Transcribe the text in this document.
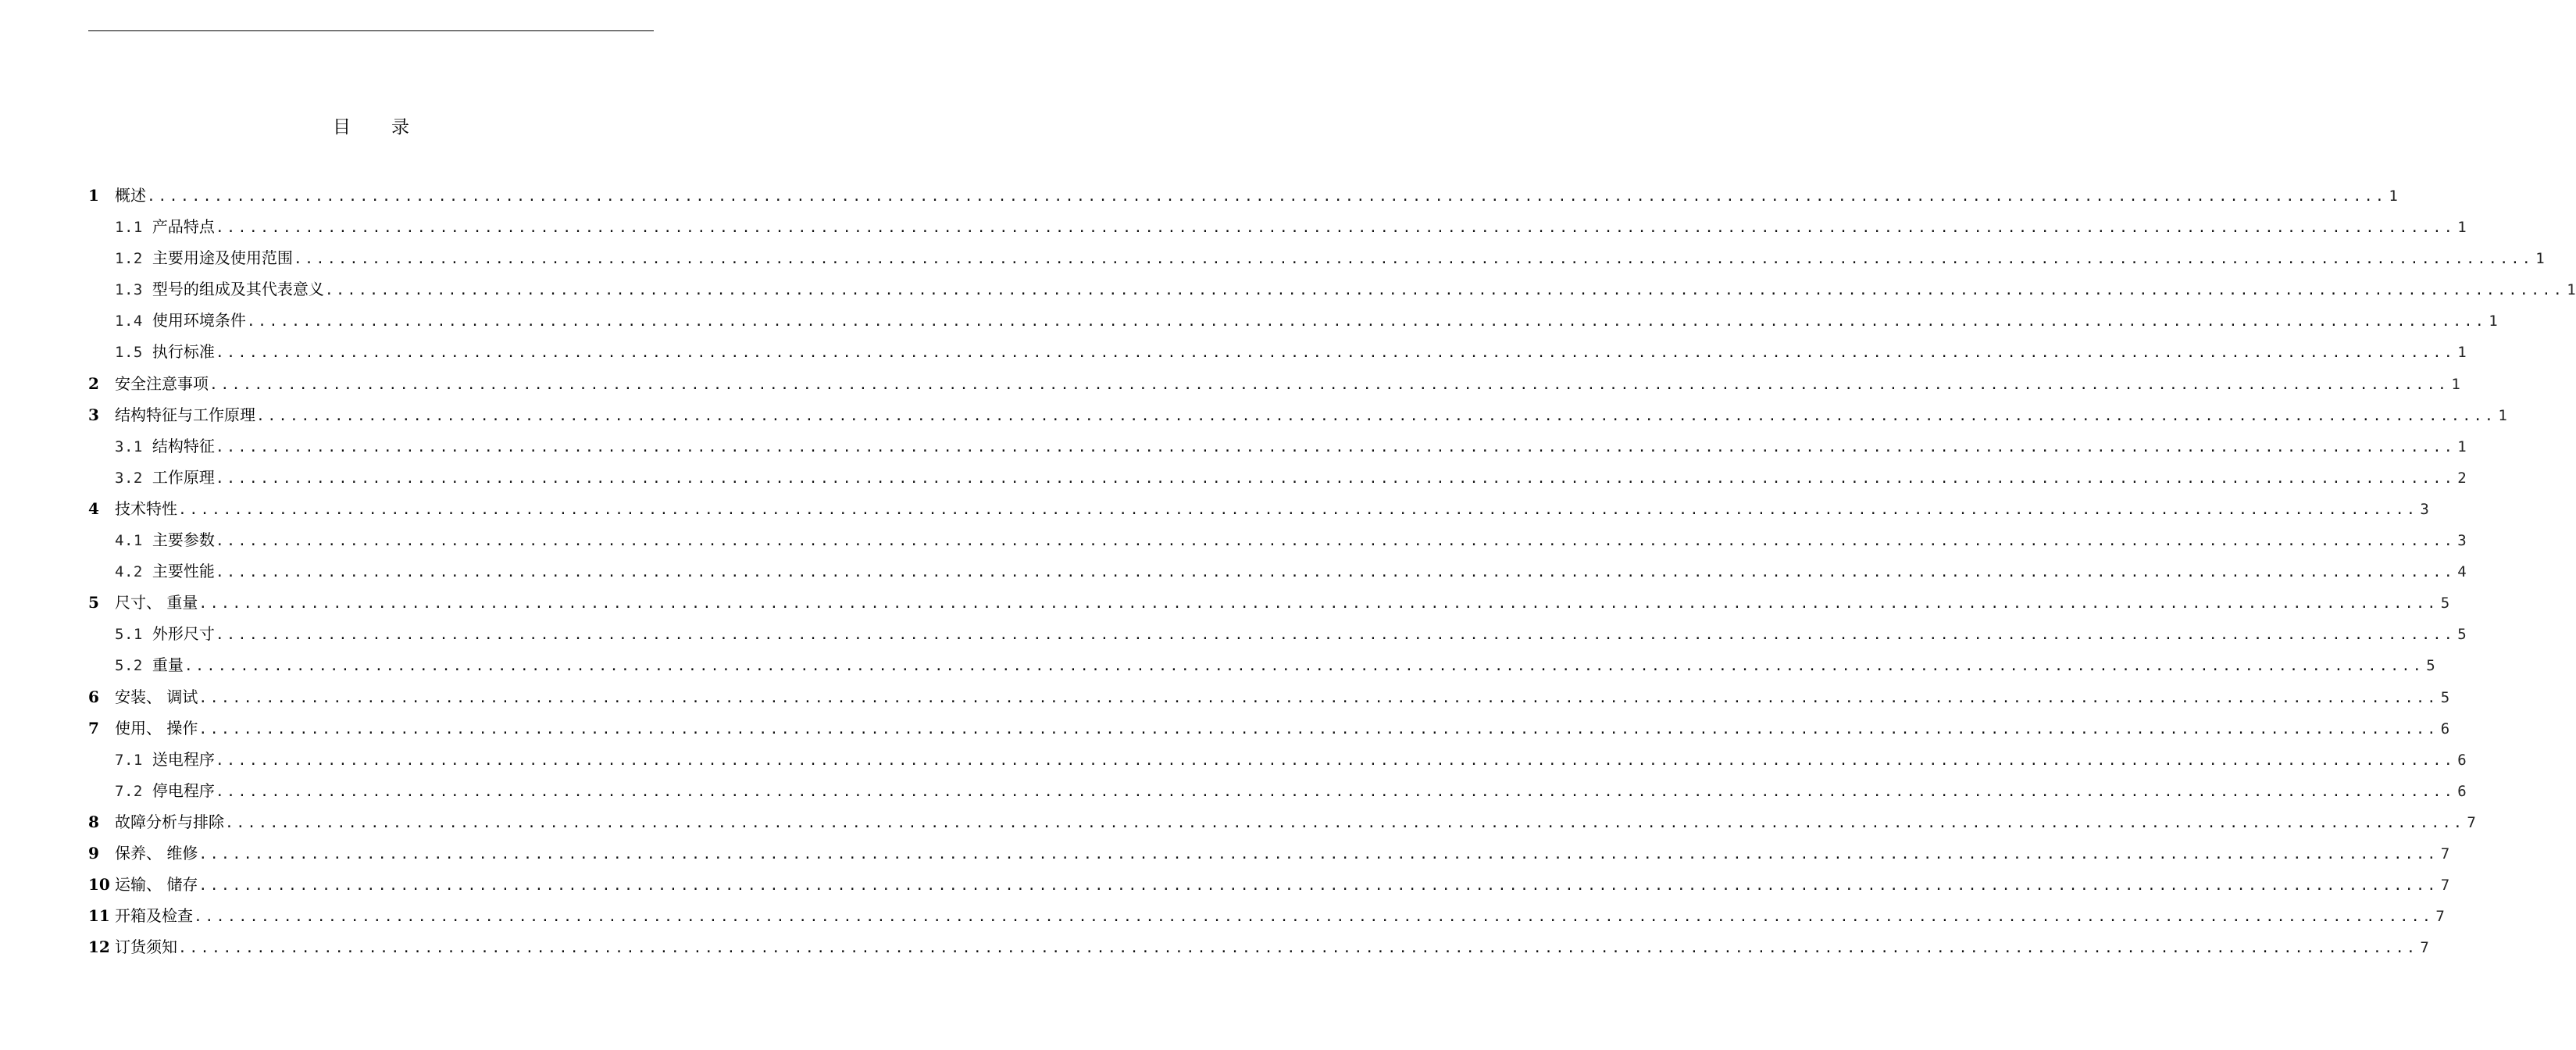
目 录
1	概述 ........................................................................................................................................................................................................ 1
1.1 产品特点 ........................................................................................................................................................................................................ 1
1.2 主要用途及使用范围 ........................................................................................................................................................................................................ 1
1.3 型号的组成及其代表意义 ........................................................................................................................................................................................................ 1
1.4 使用环境条件 ........................................................................................................................................................................................................ 1
1.5 执行标准 ........................................................................................................................................................................................................ 1
2	安全注意事项 ........................................................................................................................................................................................................ 1
3	结构特征与工作原理 ........................................................................................................................................................................................................ 1
3.1 结构特征 ........................................................................................................................................................................................................ 1
3.2 工作原理 ........................................................................................................................................................................................................ 2
4	技术特性 ........................................................................................................................................................................................................ 3
4.1 主要参数 ........................................................................................................................................................................................................ 3
4.2 主要性能 ........................................................................................................................................................................................................ 4
5	尺寸、 重量 ........................................................................................................................................................................................................ 5
5.1 外形尺寸 ........................................................................................................................................................................................................ 5
5.2 重量 ........................................................................................................................................................................................................ 5
6	安装、 调试 ........................................................................................................................................................................................................ 5
7	使用、 操作 ........................................................................................................................................................................................................ 6
7.1 送电程序 ........................................................................................................................................................................................................ 6
7.2 停电程序 ........................................................................................................................................................................................................ 6
8	故障分析与排除 ........................................................................................................................................................................................................ 7
9	保养、 维修 ........................................................................................................................................................................................................ 7
10 运输、 储存 ........................................................................................................................................................................................................ 7
11 开箱及检查 ........................................................................................................................................................................................................ 7
12 订货须知 ........................................................................................................................................................................................................ 7
